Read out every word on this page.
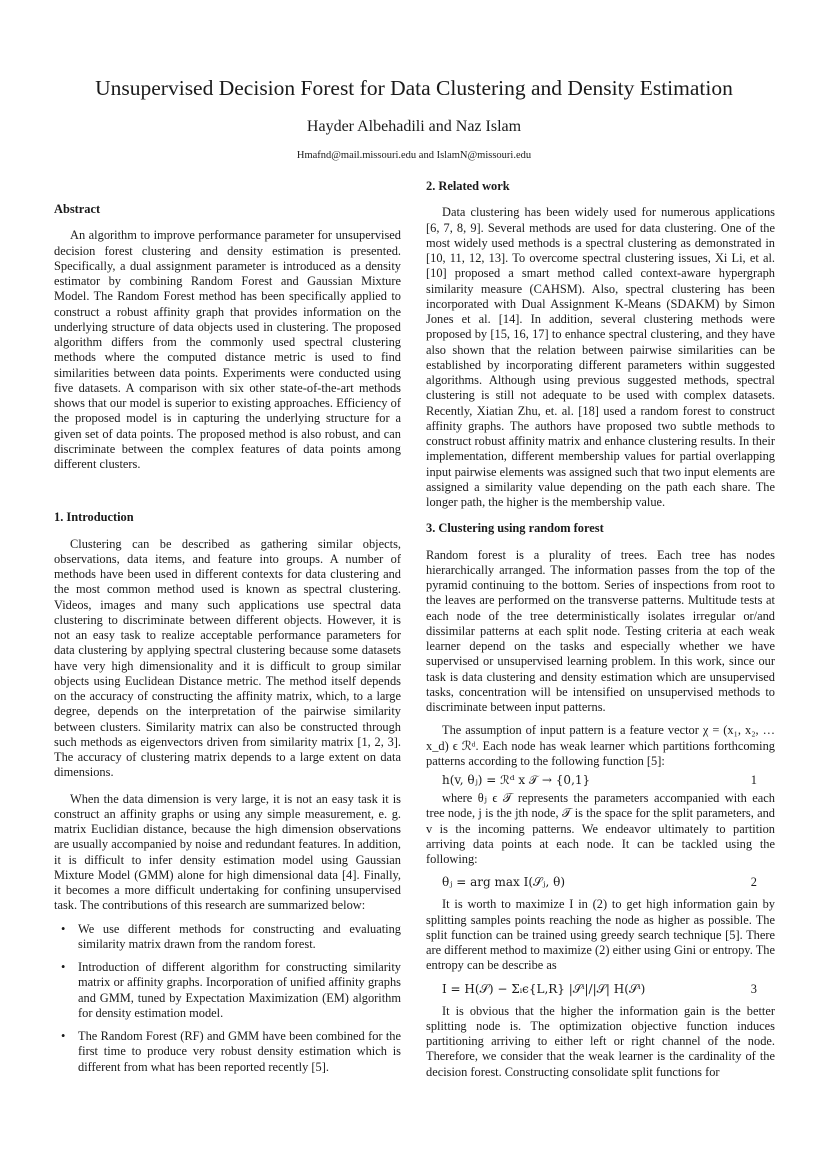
Unsupervised Decision Forest for Data Clustering and Density Estimation
Hayder Albehadili and Naz Islam
Hmafnd@mail.missouri.edu and IslamN@missouri.edu
Abstract

An algorithm to improve performance parameter for unsupervised decision forest clustering and density estimation is presented. Specifically, a dual assignment parameter is introduced as a density estimator by combining Random Forest and Gaussian Mixture Model. The Random Forest method has been specifically applied to construct a robust affinity graph that provides information on the underlying structure of data objects used in clustering. The proposed algorithm differs from the commonly used spectral clustering methods where the computed distance metric is used to find similarities between data points. Experiments were conducted using five datasets. A comparison with six other state-of-the-art methods shows that our model is superior to existing approaches. Efficiency of the proposed model is in capturing the underlying structure for a given set of data points. The proposed method is also robust, and can discriminate between the complex features of data points among different clusters.

1. Introduction

Clustering can be described as gathering similar objects, observations, data items, and feature into groups. A number of methods have been used in different contexts for data clustering and the most common method used is known as spectral clustering. Videos, images and many such applications use spectral data clustering to discriminate between different objects. However, it is not an easy task to realize acceptable performance parameters for data clustering by applying spectral clustering because some datasets have very high dimensionality and it is difficult to group similar objects using Euclidean Distance metric. The method itself depends on the accuracy of constructing the affinity matrix, which, to a large degree, depends on the interpretation of the pairwise similarity between clusters. Similarity matrix can also be constructed through such methods as eigenvectors driven from similarity matrix [1, 2, 3]. The accuracy of clustering matrix depends to a large extent on data dimensions.

When the data dimension is very large, it is not an easy task it is construct an affinity graphs or using any simple measurement, e. g. matrix Euclidian distance, because the high dimension observations are usually accompanied by noise and redundant features. In addition, it is difficult to infer density estimation model using Gaussian Mixture Model (GMM) alone for high dimensional data [4]. Finally, it becomes a more difficult undertaking for confining unsupervised task. The contributions of this research are summarized below:

• We use different methods for constructing and evaluating similarity matrix drawn from the random forest.
• Introduction of different algorithm for constructing similarity matrix or affinity graphs. Incorporation of unified affinity graphs and GMM, tuned by Expectation Maximization (EM) algorithm for density estimation model.
• The Random Forest (RF) and GMM have been combined for the first time to produce very robust density estimation which is different from what has been reported recently [5].
2. Related work

Data clustering has been widely used for numerous applications [6, 7, 8, 9]. Several methods are used for data clustering. One of the most widely used methods is a spectral clustering as demonstrated in [10, 11, 12, 13]. To overcome spectral clustering issues, Xi Li, et al. [10] proposed a smart method called context-aware hypergraph similarity measure (CAHSM). Also, spectral clustering has been incorporated with Dual Assignment K-Means (SDAKM) by Simon Jones et al. [14]. In addition, several clustering methods were proposed by [15, 16, 17] to enhance spectral clustering, and they have also shown that the relation between pairwise similarities can be established by incorporating different parameters within suggested algorithms. Although using previous suggested methods, spectral clustering is still not adequate to be used with complex datasets. Recently, Xiatian Zhu, et. al. [18] used a random forest to construct affinity graphs. The authors have proposed two subtle methods to construct robust affinity matrix and enhance clustering results. In their implementation, different membership values for partial overlapping input pairwise elements was assigned such that two input elements are assigned a similarity value depending on the path each share. The longer path, the higher is the membership value.

3. Clustering using random forest

Random forest is a plurality of trees. Each tree has nodes hierarchically arranged. The information passes from the top of the pyramid continuing to the bottom. Series of inspections from root to the leaves are performed on the transverse patterns. Multitude tests at each node of the tree deterministically isolates irregular or/and dissimilar patterns at each split node. Testing criteria at each weak learner depend on the tasks and especially whether we have supervised or unsupervised learning problem. In this work, since our task is data clustering and density estimation which are unsupervised tasks, concentration will be intensified on unsupervised methods to discriminate between input patterns.

The assumption of input pattern is a feature vector χ = (x₁, x₂, … x_d) ϵ ℛᵈ. Each node has weak learner which partitions forthcoming patterns according to the following function [5]:

h(v, θⱼ) = ℛᵈ x 𝒯 → {0,1}	1

where θⱼ ϵ 𝒯 represents the parameters accompanied with each tree node, j is the jth node, 𝒯 is the space for the split parameters, and v is the incoming patterns. We endeavor ultimately to partition arriving data points at each node. It can be tackled using the following:

θⱼ = arg max I(𝒮ⱼ, θ)	2

It is worth to maximize I in (2) to get high information gain by splitting samples points reaching the node as higher as possible. The split function can be trained using greedy search technique [5]. There are different method to maximize (2) either using Gini or entropy. The entropy can be describe as

I = H(𝒮) − Σᵢϵ{L,R} |𝒮ⁱ|/|𝒮| H(𝒮ⁱ)	3

It is obvious that the higher the information gain is the better splitting node is. The optimization objective function induces partitioning arriving to either left or right channel of the node. Therefore, we consider that the weak learner is the cardinality of the decision forest. Constructing consolidate split functions for
